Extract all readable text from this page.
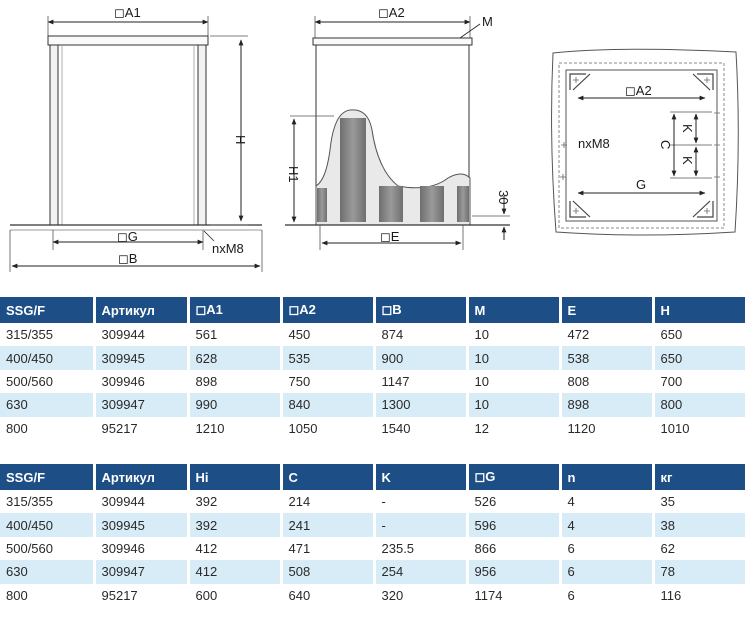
◻A1
H
◻G
nxM8
◻B
◻A2
M
H1
30
◻E
◻A2
C
K
K
nxM8
G
SSG/F	Артикул	◻A1	◻A2	◻B	M	E	H
315/355	309944	561	450	874	10	472	650
400/450	309945	628	535	900	10	538	650
500/560	309946	898	750	1147	10	808	700
630	309947	990	840	1300	10	898	800
800	95217	1210	1050	1540	12	1120	1010
SSG/F	Артикул	Hi	C	K	◻G	n	кг
315/355	309944	392	214	-	526	4	35
400/450	309945	392	241	-	596	4	38
500/560	309946	412	471	235.5	866	6	62
630	309947	412	508	254	956	6	78
800	95217	600	640	320	1174	6	116
